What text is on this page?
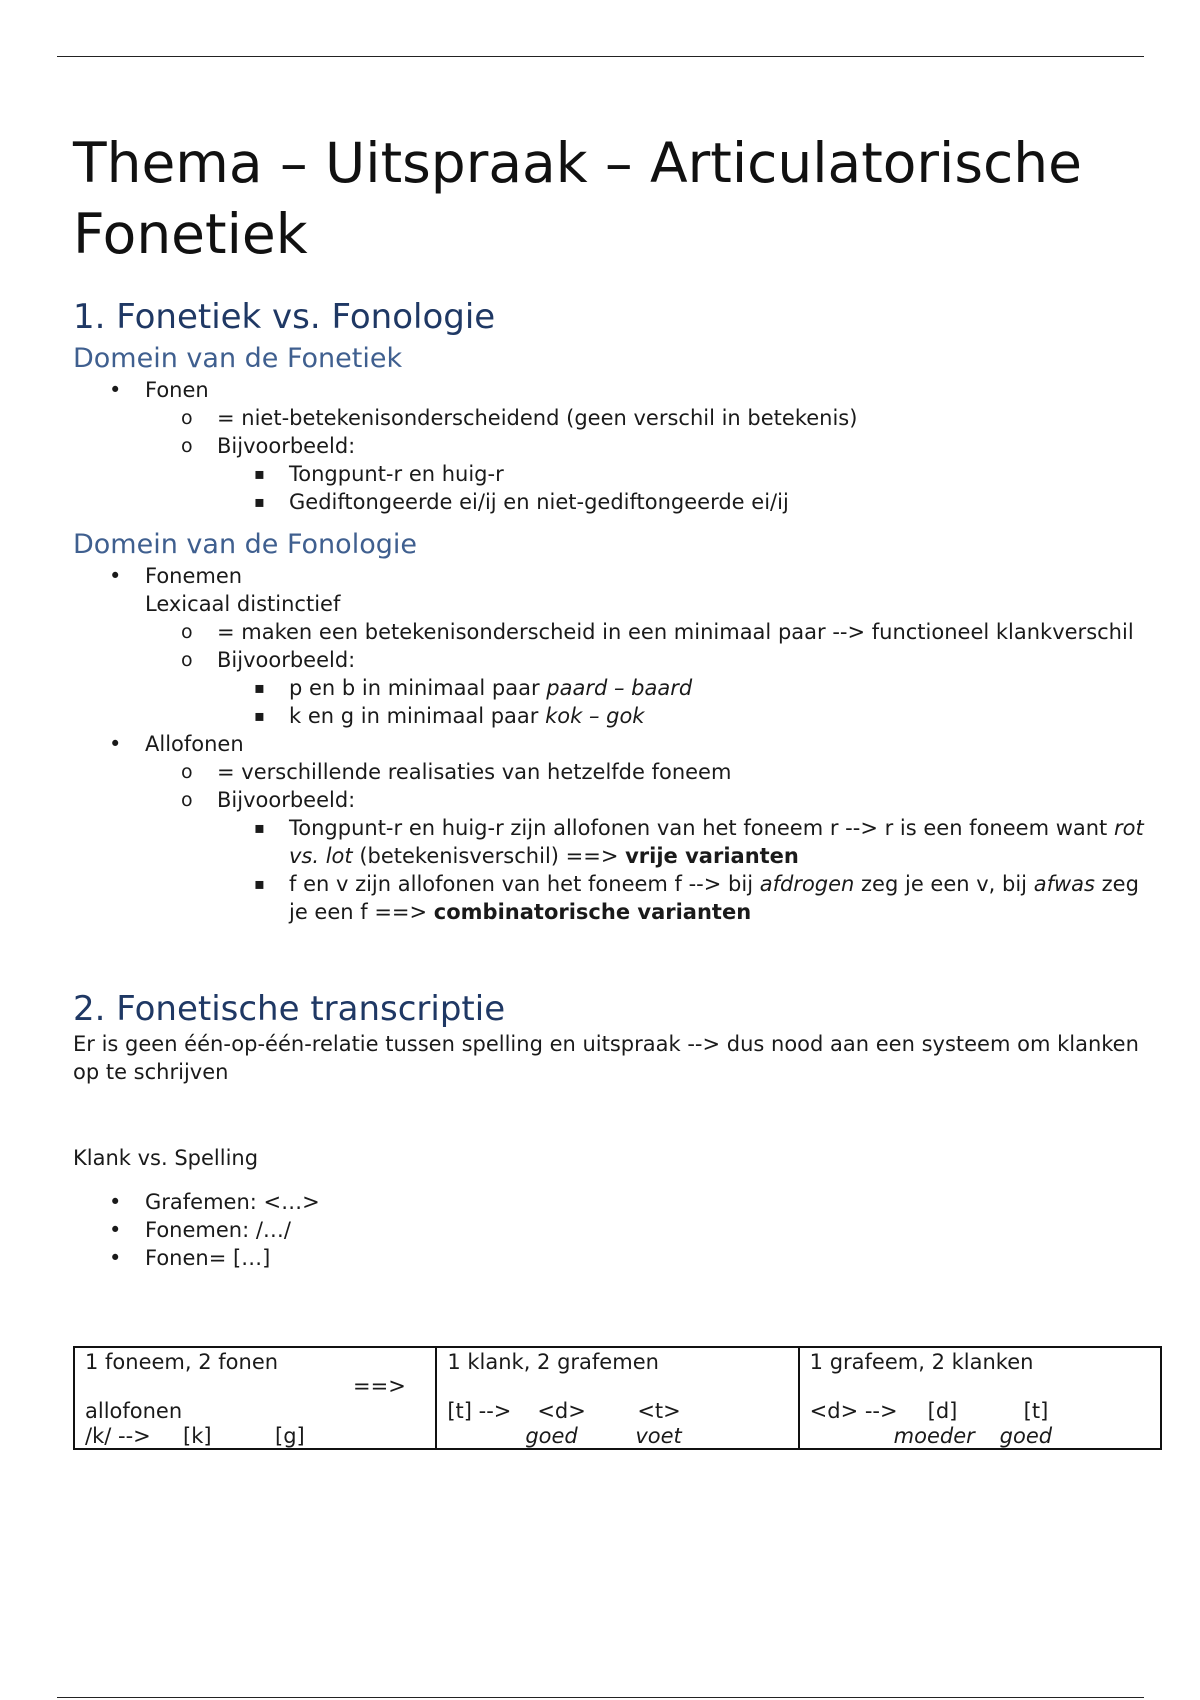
Thema – Uitspraak – Articulatorische Fonetiek
1. Fonetiek vs. Fonologie
Domein van de Fonetiek
• Fonen
o = niet-betekenisonderscheidend (geen verschil in betekenis)
o Bijvoorbeeld:
▪ Tongpunt-r en huig-r
▪ Gediftongeerde ei/ij en niet-gediftongeerde ei/ij
Domein van de Fonologie
• Fonemen
Lexicaal distinctief
o = maken een betekenisonderscheid in een minimaal paar --> functioneel klankverschil
o Bijvoorbeeld:
▪ p en b in minimaal paar paard – baard
▪ k en g in minimaal paar kok – gok
• Allofonen
o = verschillende realisaties van hetzelfde foneem
o Bijvoorbeeld:
▪ Tongpunt-r en huig-r zijn allofonen van het foneem r --> r is een foneem want rot vs. lot (betekenisverschil) ==> vrije varianten
▪ f en v zijn allofonen van het foneem f --> bij afdrogen zeg je een v, bij afwas zeg je een f ==> combinatorische varianten
2. Fonetische transcriptie

Er is geen één-op-één-relatie tussen spelling en uitspraak --> dus nood aan een systeem om klanken op te schrijven

Klank vs. Spelling

• Grafemen: <…>
• Fonemen: /…/
• Fonen= […]
1 foneem, 2 fonen
==>
allofonen
/k/ --> [k]	[g]

1 klank, 2 grafemen
[t] --> <d> <t>
goed	voet

1 grafeem, 2 klanken
<d> --> [d]	[t]
moeder goed
